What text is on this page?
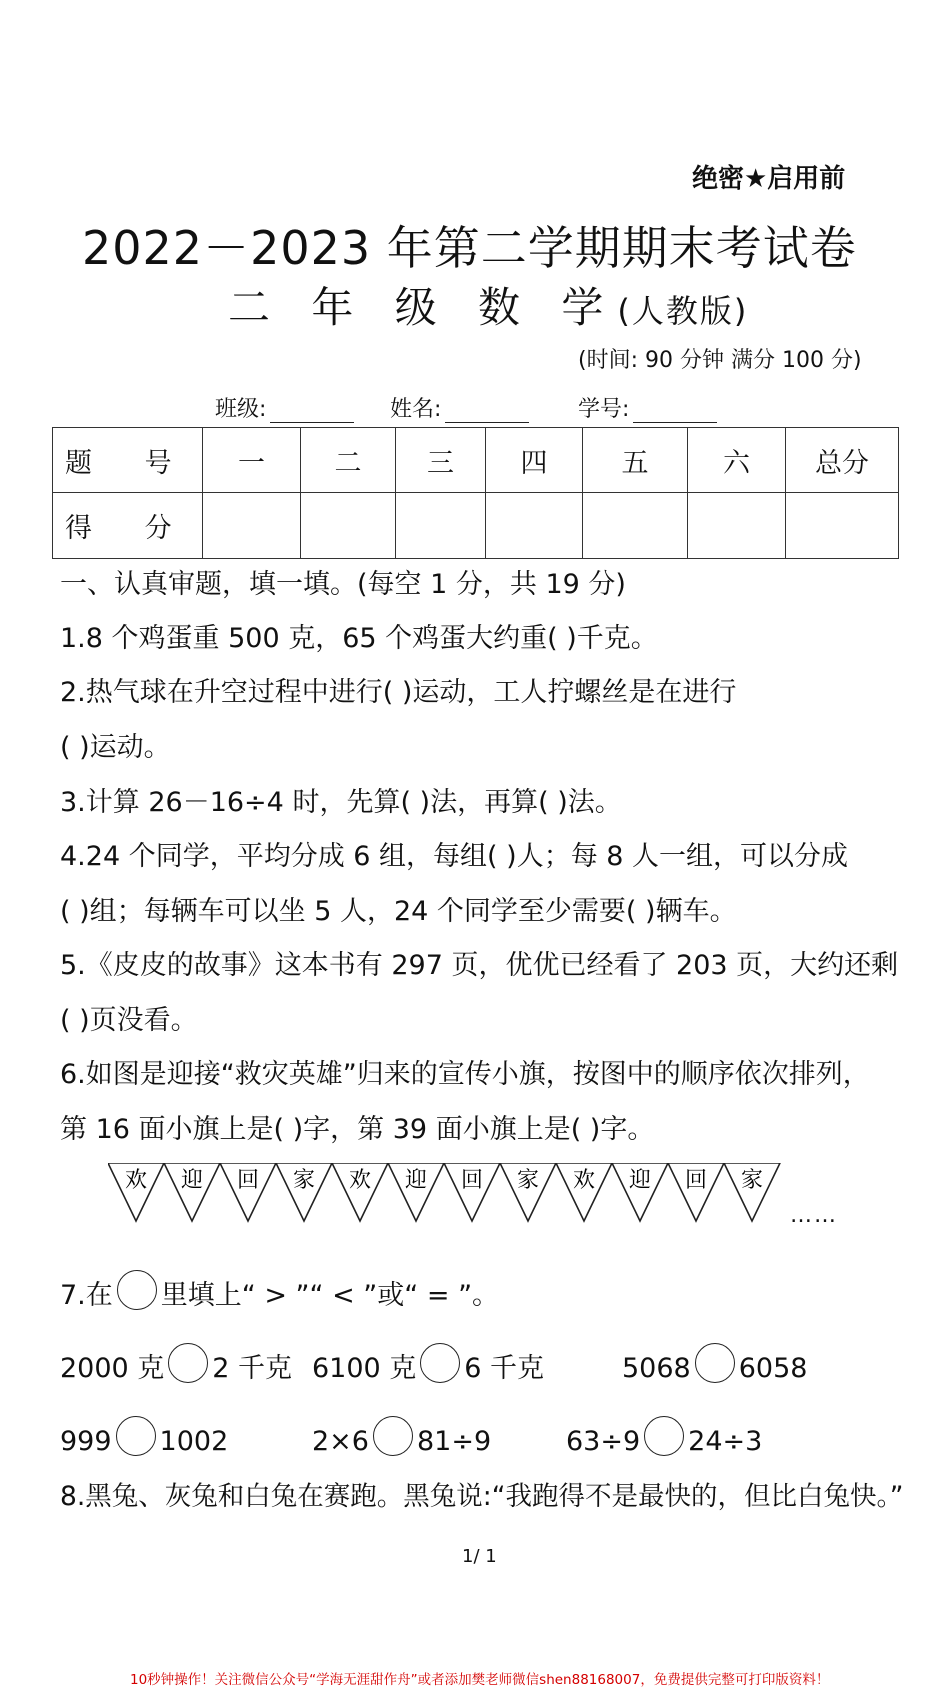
绝密★启用前
2022－2023 年第二学期期末考试卷
二 年 级 数 学(人教版)
(时间: 90 分钟 满分 100 分)
班级:	姓名:	学号:
题 号	一	二	三	四	五	六	总分
得 分							
一、认真审题，填一填。(每空 1 分，共 19 分)
1.8 个鸡蛋重 500 克，65 个鸡蛋大约重( )千克。
2.热气球在升空过程中进行( )运动，工人拧螺丝是在进行
( )运动。
3.计算 26－16÷4 时，先算( )法，再算( )法。
4.24 个同学，平均分成 6 组，每组( )人；每 8 人一组，可以分成
( )组；每辆车可以坐 5 人，24 个同学至少需要( )辆车。
5.《皮皮的故事》这本书有 297 页，优优已经看了 203 页，大约还剩
( )页没看。
6.如图是迎接“救灾英雄”归来的宣传小旗，按图中的顺序依次排列，
第 16 面小旗上是( )字，第 39 面小旗上是( )字。
欢 迎 回 家 欢 迎 回 家 欢 迎 回 家
……
7.在 里填上“ > ”“ < ”或“ = ”。
2000 克 2 千克 6100 克 6 千克	5068 6058
999 1002	2×6 81÷9	63÷9 24÷3
8.黑兔、灰兔和白兔在赛跑。黑兔说:“我跑得不是最快的，但比白兔快。”
1/ 1
10秒钟操作！关注微信公众号“学海无涯甜作舟”或者添加樊老师微信shen88168007，免费提供完整可打印版资料！
